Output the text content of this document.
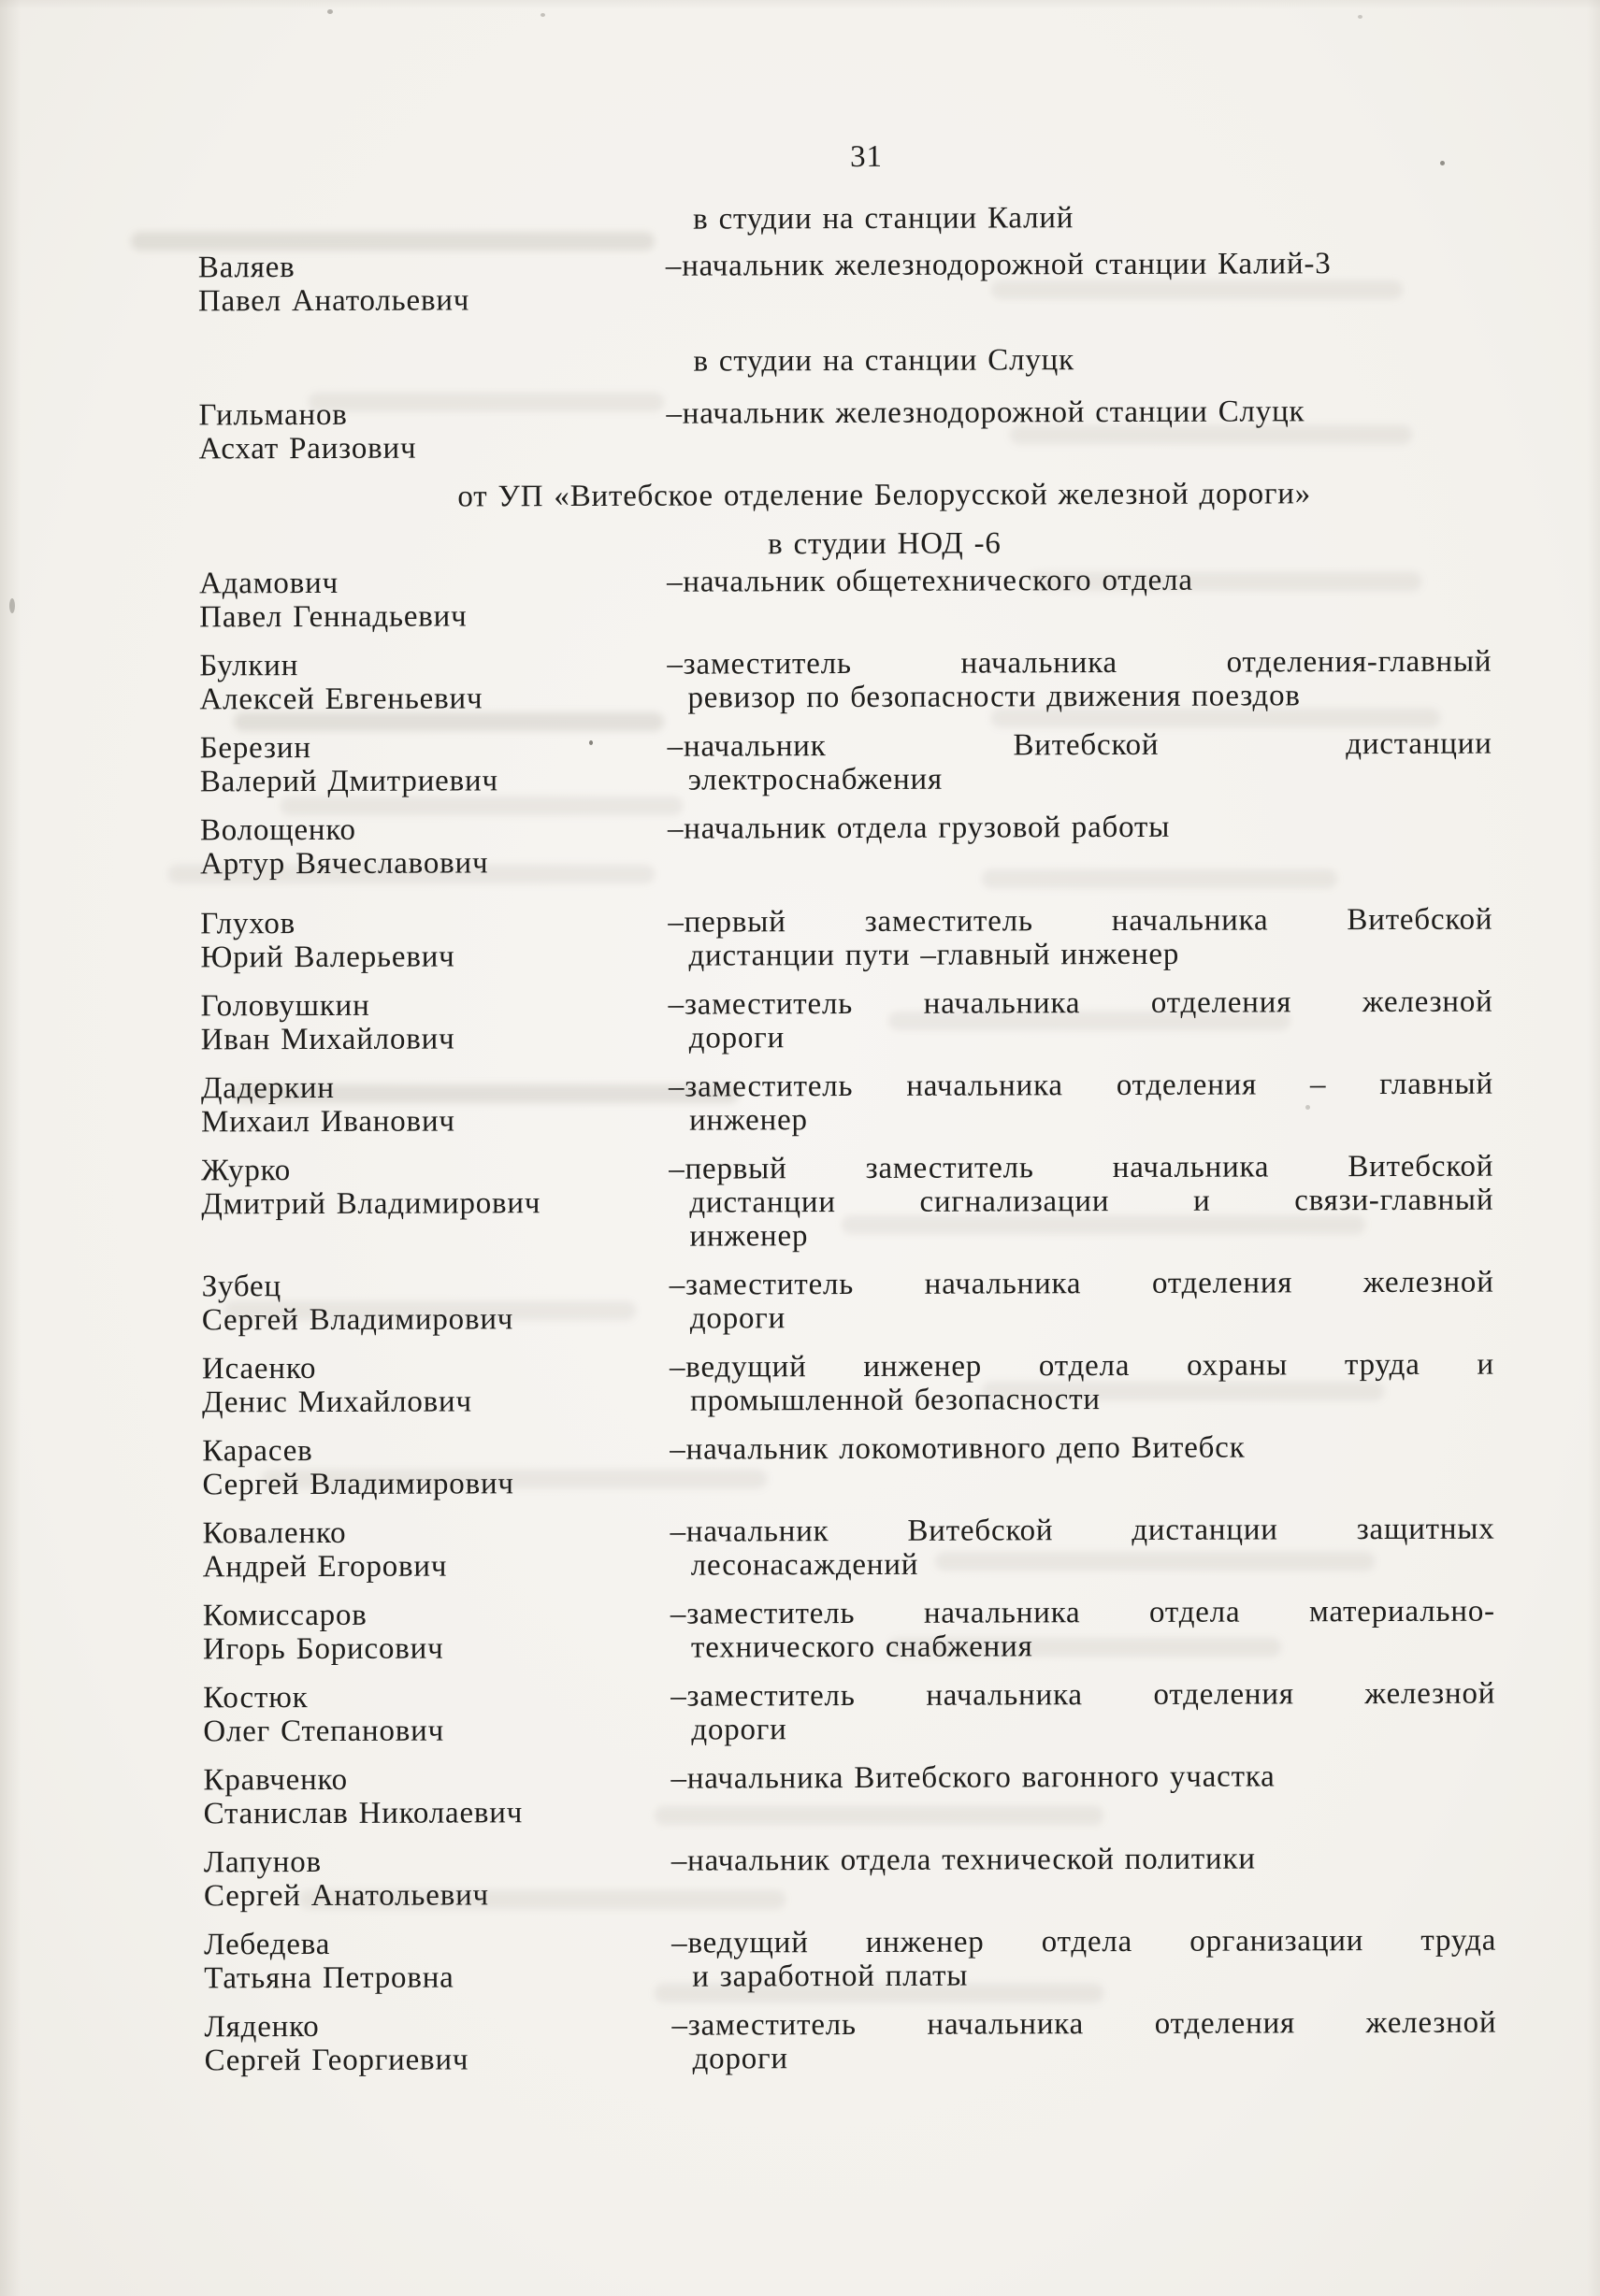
31
в студии на станции Калий
Валяев
Павел Анатольевич
–начальник железнодорожной станции Калий-3
в студии на станции Слуцк
Гильманов
Асхат Раизович
–начальник железнодорожной станции Слуцк
от УП «Витебское отделение Белорусской железной дороги»
в студии НОД -6
Адамович
Павел Геннадьевич
–начальник общетехнического отдела
Булкин
Алексей Евгеньевич
–заместитель начальника отделения-главный
ревизор по безопасности движения поездов
Березин
Валерий Дмитриевич
–начальник Витебской дистанции
электроснабжения
Волощенко
Артур Вячеславович
–начальник отдела грузовой работы
Глухов
Юрий Валерьевич
–первый заместитель начальника Витебской
дистанции пути –главный инженер
Головушкин
Иван Михайлович
–заместитель начальника отделения железной
дороги
Дадеркин
Михаил Иванович
–заместитель начальника отделения – главный
инженер
Журко
Дмитрий Владимирович
–первый заместитель начальника Витебской
дистанции сигнализации и связи-главный
инженер
Зубец
Сергей Владимирович
–заместитель начальника отделения железной
дороги
Исаенко
Денис Михайлович
–ведущий инженер отдела охраны труда и
промышленной безопасности
Карасев
Сергей Владимирович
–начальник локомотивного депо Витебск
Коваленко
Андрей Егорович
–начальник Витебской дистанции защитных
лесонасаждений
Комиссаров
Игорь Борисович
–заместитель начальника отдела материально-
технического снабжения
Костюк
Олег Степанович
–заместитель начальника отделения железной
дороги
Кравченко
Станислав Николаевич
–начальника Витебского вагонного участка
Лапунов
Сергей Анатольевич
–начальник отдела технической политики
Лебедева
Татьяна Петровна
–ведущий инженер отдела организации труда
и заработной платы
Ляденко
Сергей Георгиевич
–заместитель начальника отделения железной
дороги
